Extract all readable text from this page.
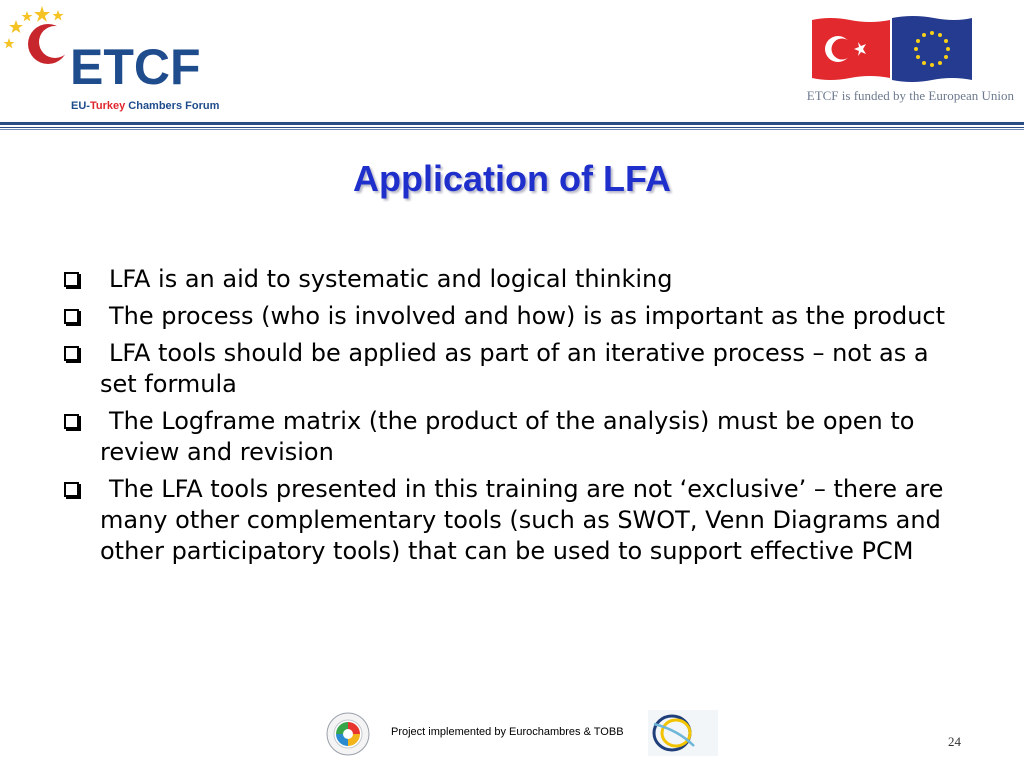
ETCF
EU-Turkey Chambers Forum
ETCF is funded by the European Union
Application of LFA
LFA is an aid to systematic and logical thinking
The process (who is involved and how) is as important as the product
LFA tools should be applied as part of an iterative process – not as a set formula
The Logframe matrix (the product of the analysis) must be open to review and revision
The LFA tools presented in this training are not ‘exclusive’ – there are many other complementary tools (such as SWOT, Venn Diagrams and other participatory tools) that can be used to support effective PCM
Project implemented by Eurochambres & TOBB
24
